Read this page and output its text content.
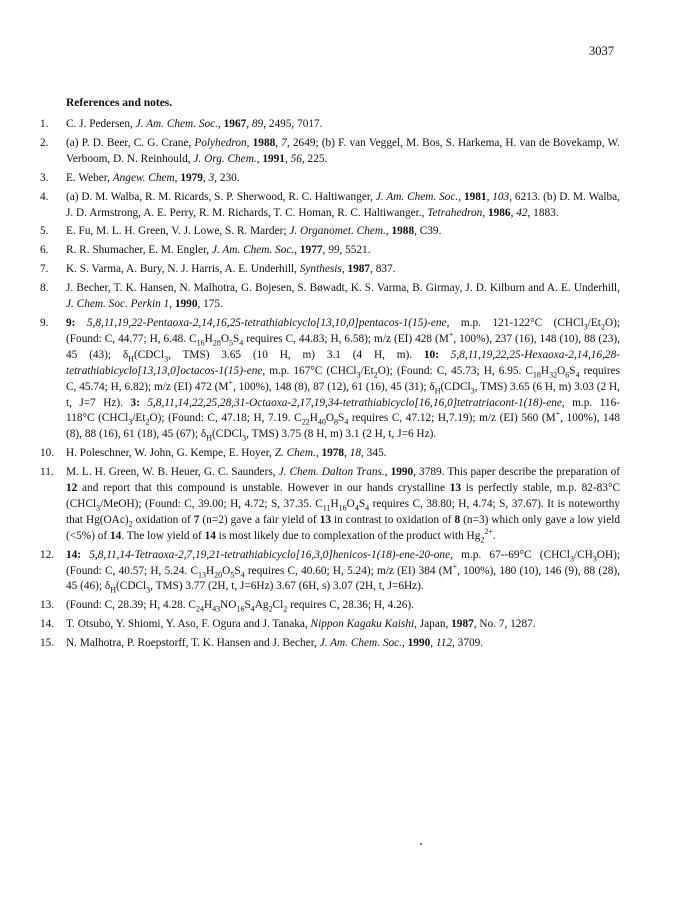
3037
References and notes.
1.	C. J. Pedersen, J. Am. Chem. Soc., 1967, 89, 2495, 7017.
2.	(a) P. D. Beer, C. G. Crane, Polyhedron, 1988, 7, 2649; (b) F. van Veggel, M. Bos, S. Harkema, H. van de Bovekamp, W. Verboom, D. N. Reinhould, J. Org. Chem., 1991, 56, 225.
3.	E. Weber, Angew. Chem, 1979, 3, 230.
4.	(a) D. M. Walba, R. M. Ricards, S. P. Sherwood, R. C. Haltiwanger, J. Am. Chem. Soc., 1981, 103, 6213. (b) D. M. Walba, J. D. Armstrong, A. E. Perry, R. M. Richards, T. C. Homan, R. C. Haltiwanger., Tetrahedron, 1986, 42, 1883.
5.	E. Fu, M. L. H. Green, V. J. Lowe, S. R. Marder; J. Organomet. Chem., 1988, C39.
6.	R. R. Shumacher, E. M. Engler, J. Am. Chem. Soc., 1977, 99, 5521.
7.	K. S. Varma, A. Bury, N. J. Harris, A. E. Underhill, Synthesis, 1987, 837.
8.	J. Becher, T. K. Hansen, N. Malhotra, G. Bojesen, S. Bøwadt, K. S. Varma, B. Girmay, J. D. Kilburn and A. E. Underhill, J. Chem. Soc. Perkin 1, 1990, 175.
9.	9: 5,8,11,19,22-Pentaoxa-2,14,16,25-tetrathiabicyclo[13,10,0]pentacos-1(15)-ene, m.p. 121-122°C $(CHCl_3/Et_2O)$; (Found: C, 44.77; H, 6.48. $C_{16}H_{28}O_5S_4$ requires C, 44.83; H, 6.58); m/z (EI) 428 (M+, 100%), 237 (16), 148 (10), 88 (23), 45 (43); $\delta_H(CDCl_3$, TMS) 3.65 (10 H, m) 3.1 (4 H, m). 10: 5,8,11,19,22,25-Hexaoxa-2,14,16,28-tetrathiabicyclo[13,13,0]octacos-1(15)-ene, m.p. 167°C $(CHCl_3/Et_2O)$; (Found: C, 45.73; H, 6.95. $C_{18}H_{32}O_6S_4$ requires C, 45.74; H, 6.82); m/z (EI) 472 (M+, 100%), 148 (8), 87 (12), 61 (16), 45 (31); $\delta_H(CDCl_3$, TMS) 3.65 (6 H, m) 3.03 (2 H, t, J=7 Hz). 3: 5,8,11,14,22,25,28,31-Octaoxa-2,17,19,34-tetrathiabicyclo[16,16,0]tetratriacont-1(18)-ene, m.p. 116-118°C $(CHCl_3/Et_2O)$; (Found: C, 47.18; H, 7.19. $C_{22}H_{40}O_8S_4$ requires C, 47.12; H,7.19); m/z (EI) 560 (M+, 100%), 148 (8), 88 (16), 61 (18), 45 (67); $\delta_H(CDCl_3$, TMS) 3.75 (8 H, m) 3.1 (2 H, t, J=6 Hz).
10.	H. Poleschner, W. John, G. Kempe, E. Hoyer, Z. Chem., 1978, 18, 345.
11.	M. L. H. Green, W. B. Heuer, G. C. Saunders, J. Chem. Dalton Trans., 1990, 3789. This paper describe the preparation of 12 and report that this compound is unstable. However in our hands crystalline 13 is perfectly stable, m.p. 82-83°C (CHCl$_3$/MeOH); (Found: C, 39.00; H, 4.72; S, 37.35. $C_{11}H_{16}O_4S_4$ requires C, 38.80; H, 4.74; S, 37.67). It is noteworthy that $Hg(OAc)_2$ oxidation of 7 (n=2) gave a fair yield of 13 in contrast to oxidation of 8 (n=3) which only gave a low yield (<5%) of 14. The low yield of 14 is most likely due to complexation of the product with $Hg_2^{2+}$.
12.	14: 5,8,11,14-Tetraoxa-2,7,19,21-tetrathiabicyclo[16,3,0]henicos-1(18)-ene-20-one, m.p. 67--69°C $(CHCl_3/CH_3OH)$; (Found: C, 40.57; H, 5.24. $C_{13}H_{20}O_5S_4$ requires C, 40.60; H, 5.24); m/z (EI) 384 (M+, 100%), 180 (10), 146 (9), 88 (28), 45 (46); $\delta_H(CDCl_3$, TMS) 3.77 (2H, t, J=6Hz) 3.67 (6H, s) 3.07 (2H, t, J=6Hz).
13.	(Found: C, 28.39; H, 4.28. $C_{24}H_{43}NO_{16}S_4Ag_2Cl_2$ requires C, 28.36; H, 4.26).
14.	T. Otsubo, Y. Shiomi, Y. Aso, F. Ogura and J. Tanaka, Nippon Kagaku Kaishi, Japan, 1987, No. 7, 1287.
15.	N. Malhotra, P. Roepstorff, T. K. Hansen and J. Becher, J. Am. Chem. Soc., 1990, 112, 3709.
